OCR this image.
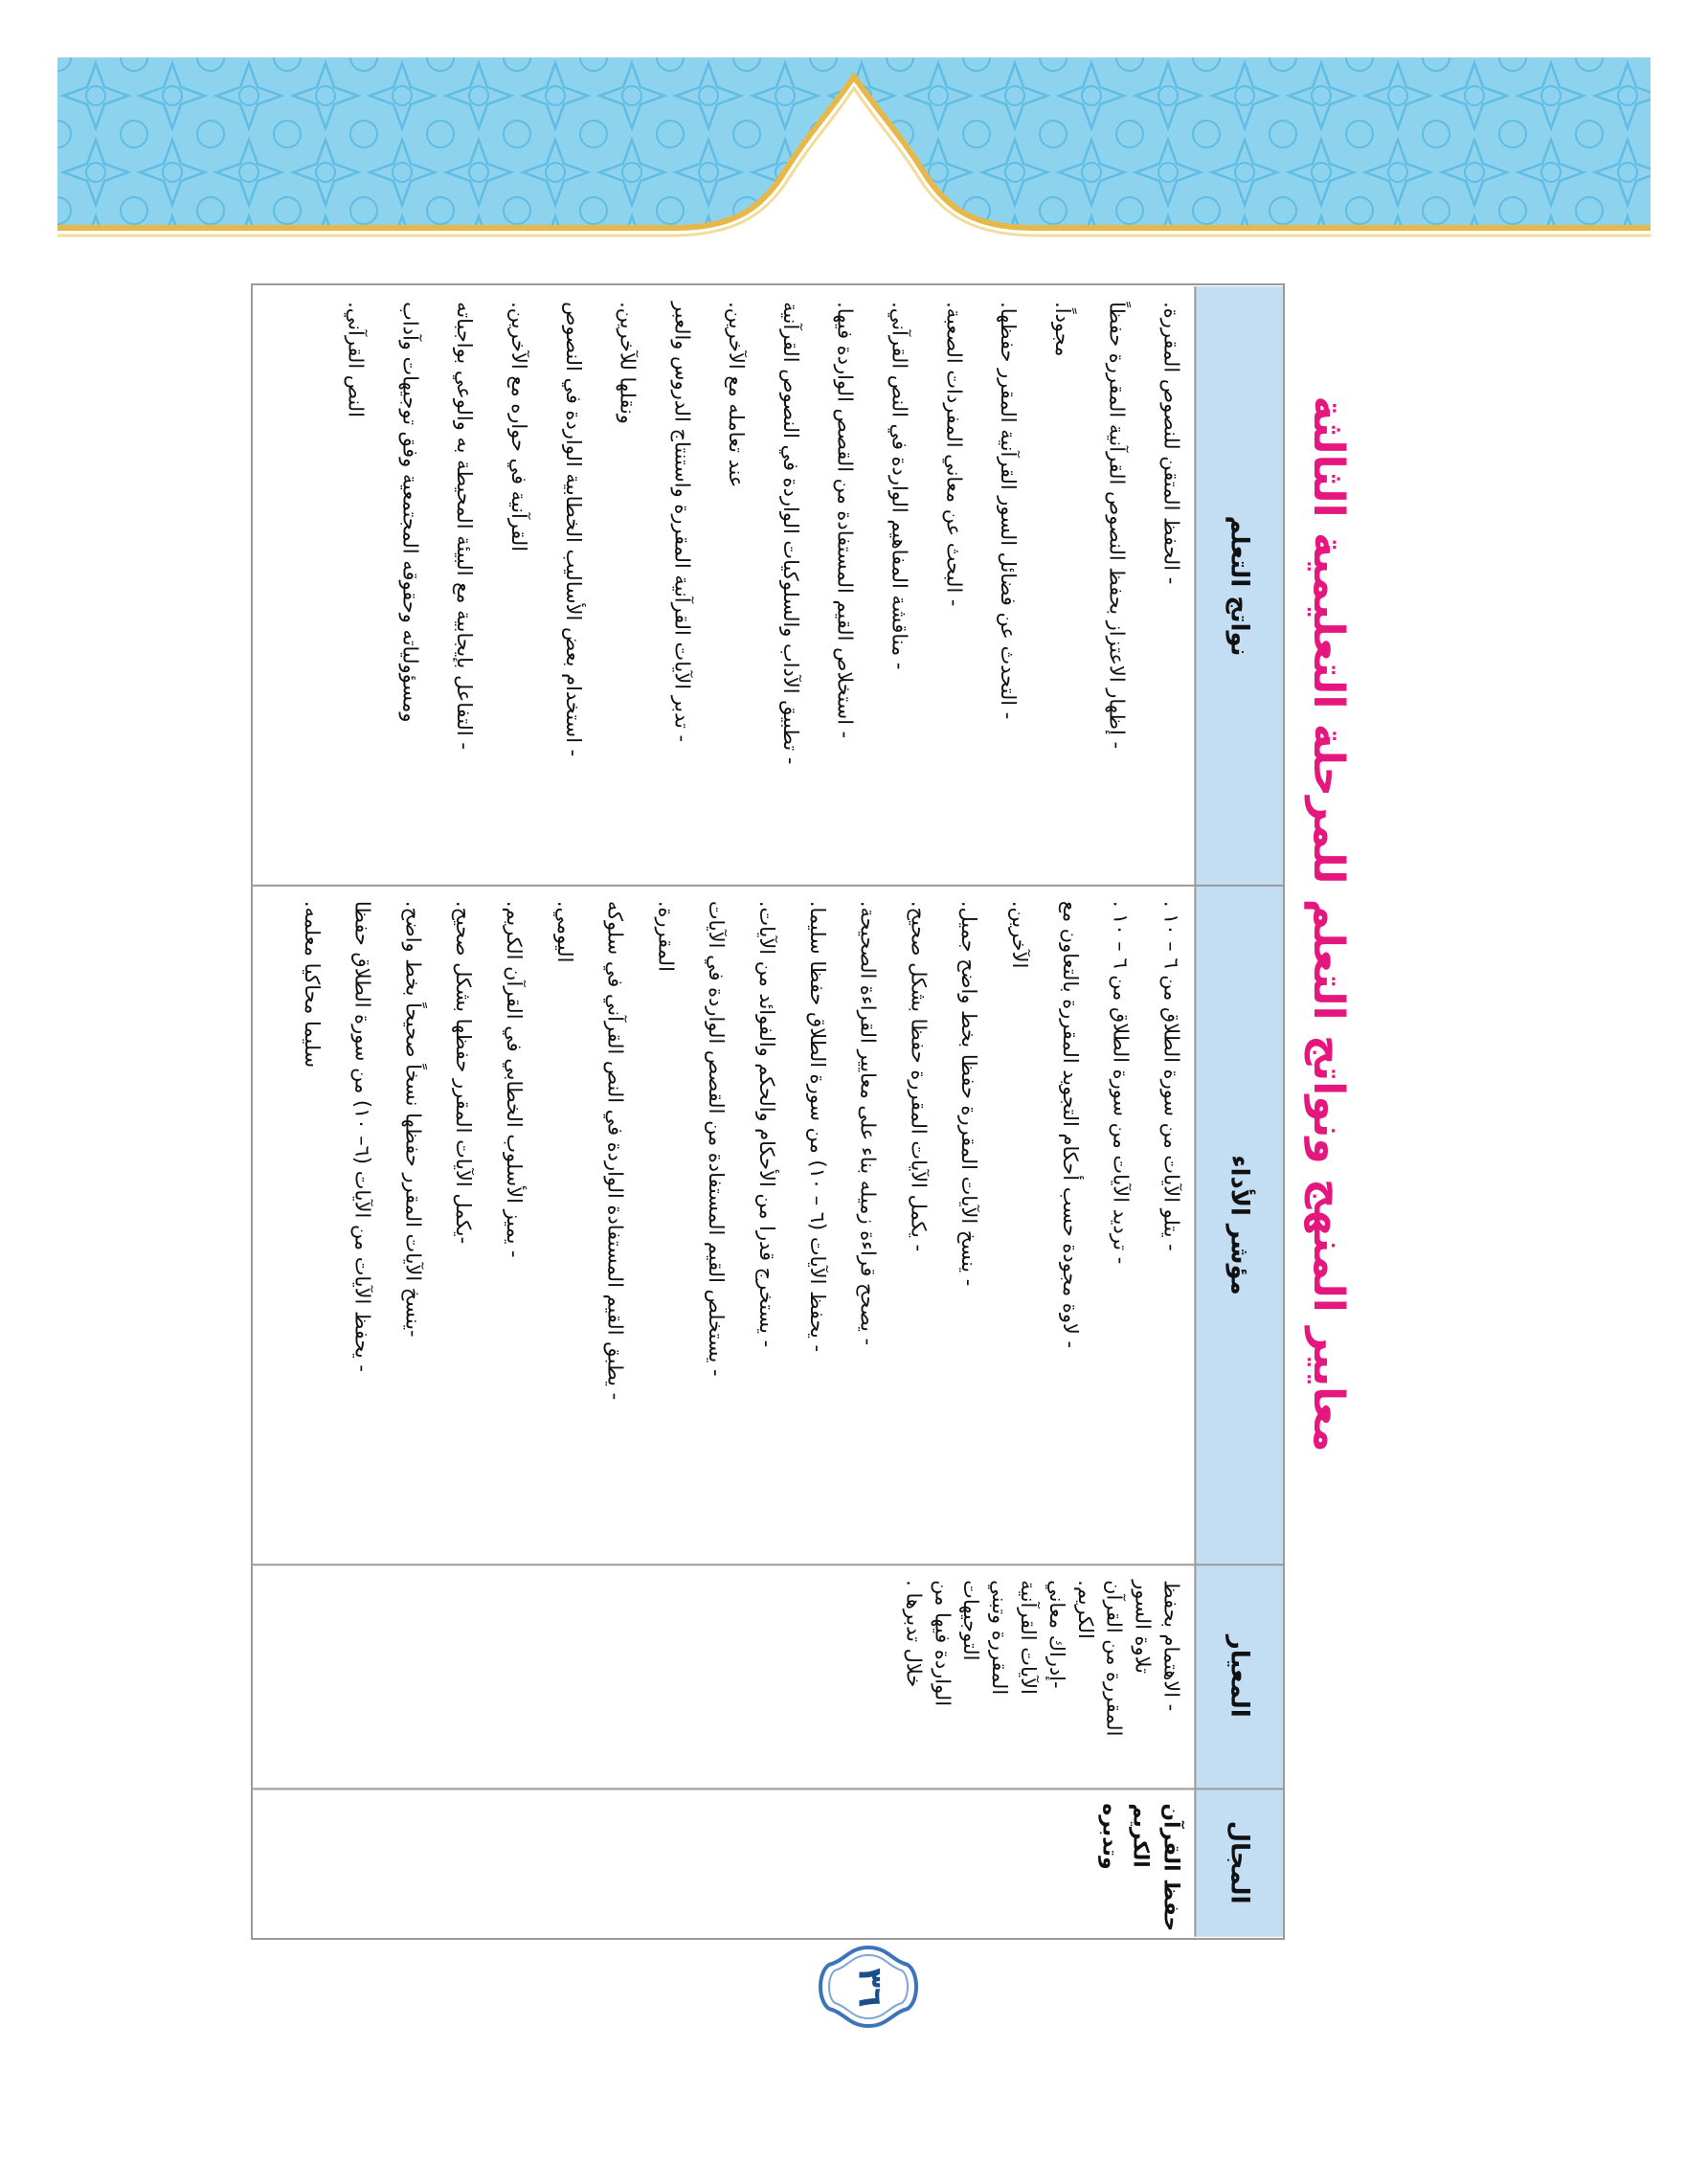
معايير المنهج ونواتج التعلم للمرحلة التعليمية الثالثة
نواتج التعلم
مؤشر الأداء
المعيار
المجال
- الحفظ المتقن للنصوص المقررة.
- إظهار الاعتزاز بحفظ النصوص القرآنية المقررة حفظاً
مجوداً.
- التحدث عن فضائل السور القرآنية المقرر حفظها.
- البحث عن معاني المفردات الصعبة.
- مناقشة المفاهيم الواردة في النص القرآني.
- استخلاص القيم المستفادة من القصص الواردة فيها.
- تطبيق الآداب والسلوكيات الواردة في النصوص القرآنية
عند تعامله مع الآخرين.
- تدبر الآيات القرآنية المقررة واستنتاج الدروس والعبر
ونقلها للآخرين.
- استخدام بعض الأساليب الخطابية الواردة في النصوص
القرآنية في حواره مع الآخرين.
- التفاعل بإيجابية مع البيئة المحيطة به والوعي بواجباته
ومسؤولياته وحقوقه المجتمعية وفق توجيهات وآداب
النص القرآني.
- يتلو الآيات من سورة الطلاق من ٦ – ١٠ .
- ترديد الآيات من سورة الطلاق من ٦ – ١٠ .
- لاوة مجودة حسب أحكام التجويد المقررة بالتعاون مع
الآخرين.
- ينسخ الآيات المقررة حفظا بخط واضح جميل.
- يكمل الآيات المقررة حفظا بشكل صحيح.
- يصحح قراءة زميله بناء على معايير القراءة الصحيحة.
- يحفظ الآيات (٦ – ١٠) من سورة الطلاق حفظا سليما.
- يستخرج قدرا من الأحكام والحكم والفوائد من الآيات.
- يستخلص القيم المستفادة من القصص الواردة في الآيات
المقررة.
- يطبق القيم المستفادة الواردة في النص القرآني في سلوكه
اليومي.
- يميز الأسلوب الخطابي في القرآن الكريم.
-يكمل الآيات المقرر حفظها بشكل صحيح.
-ينسخ الآيات المقرر حفظها نسخاً صحيحاً بخط واضح.
- يحفظ الآيات من الآيات (٦– ١٠) من سورة الطلاق حفظا
سليما محاكيا معلمه.
- الاهتمام بحفظ
تلاوة السور
المقررة من القرآن
الكريم.
-إدراك معاني
الآيات القرآنية
المقررة وتبني
التوجيهات
الواردة فيها من
خلال تدبرها .
حفظ القرآن
الكريم
وتدبره
٣٦
